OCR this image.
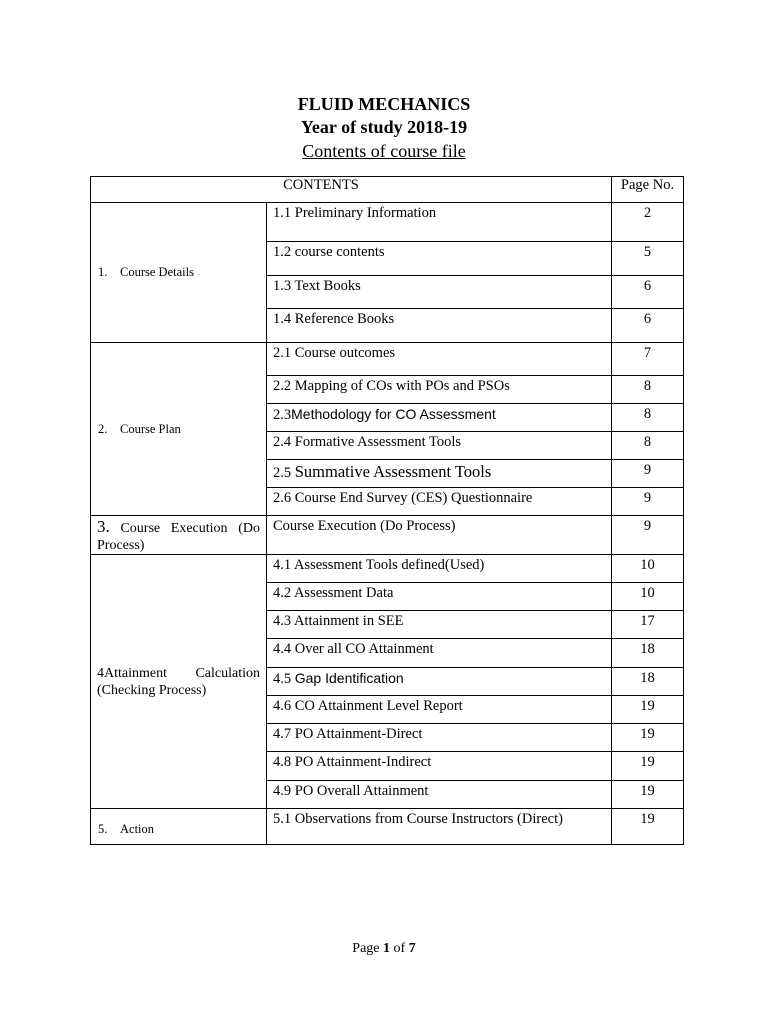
FLUID MECHANICS
Year of study 2018-19
Contents of course file
CONTENTS		Page No.
1. Course Details	1.1 Preliminary Information	2
	1.2 course contents	5
	1.3 Text Books	6
	1.4 Reference Books	6
2. Course Plan	2.1 Course outcomes	7
	2.2 Mapping of COs with POs and PSOs	8
	2.3Methodology for CO Assessment	8
	2.4 Formative Assessment Tools	8
	2.5 Summative Assessment Tools	9
	2.6 Course End Survey (CES) Questionnaire	9
3. Course Execution (Do Process)	Course Execution (Do Process)	9

4Attainment Calculation
(Checking Process)	4.1 Assessment Tools defined(Used)	10
	4.2 Assessment Data	10
	4.3 Attainment in SEE	17
	4.4 Over all CO Attainment	18
	4.5 Gap Identification	18
	4.6 CO Attainment Level Report	19
	4.7 PO Attainment-Direct	19
	4.8 PO Attainment-Indirect	19
	4.9 PO Overall Attainment	19
5. Action	5.1 Observations from Course Instructors (Direct)	19
Page 1 of 7
